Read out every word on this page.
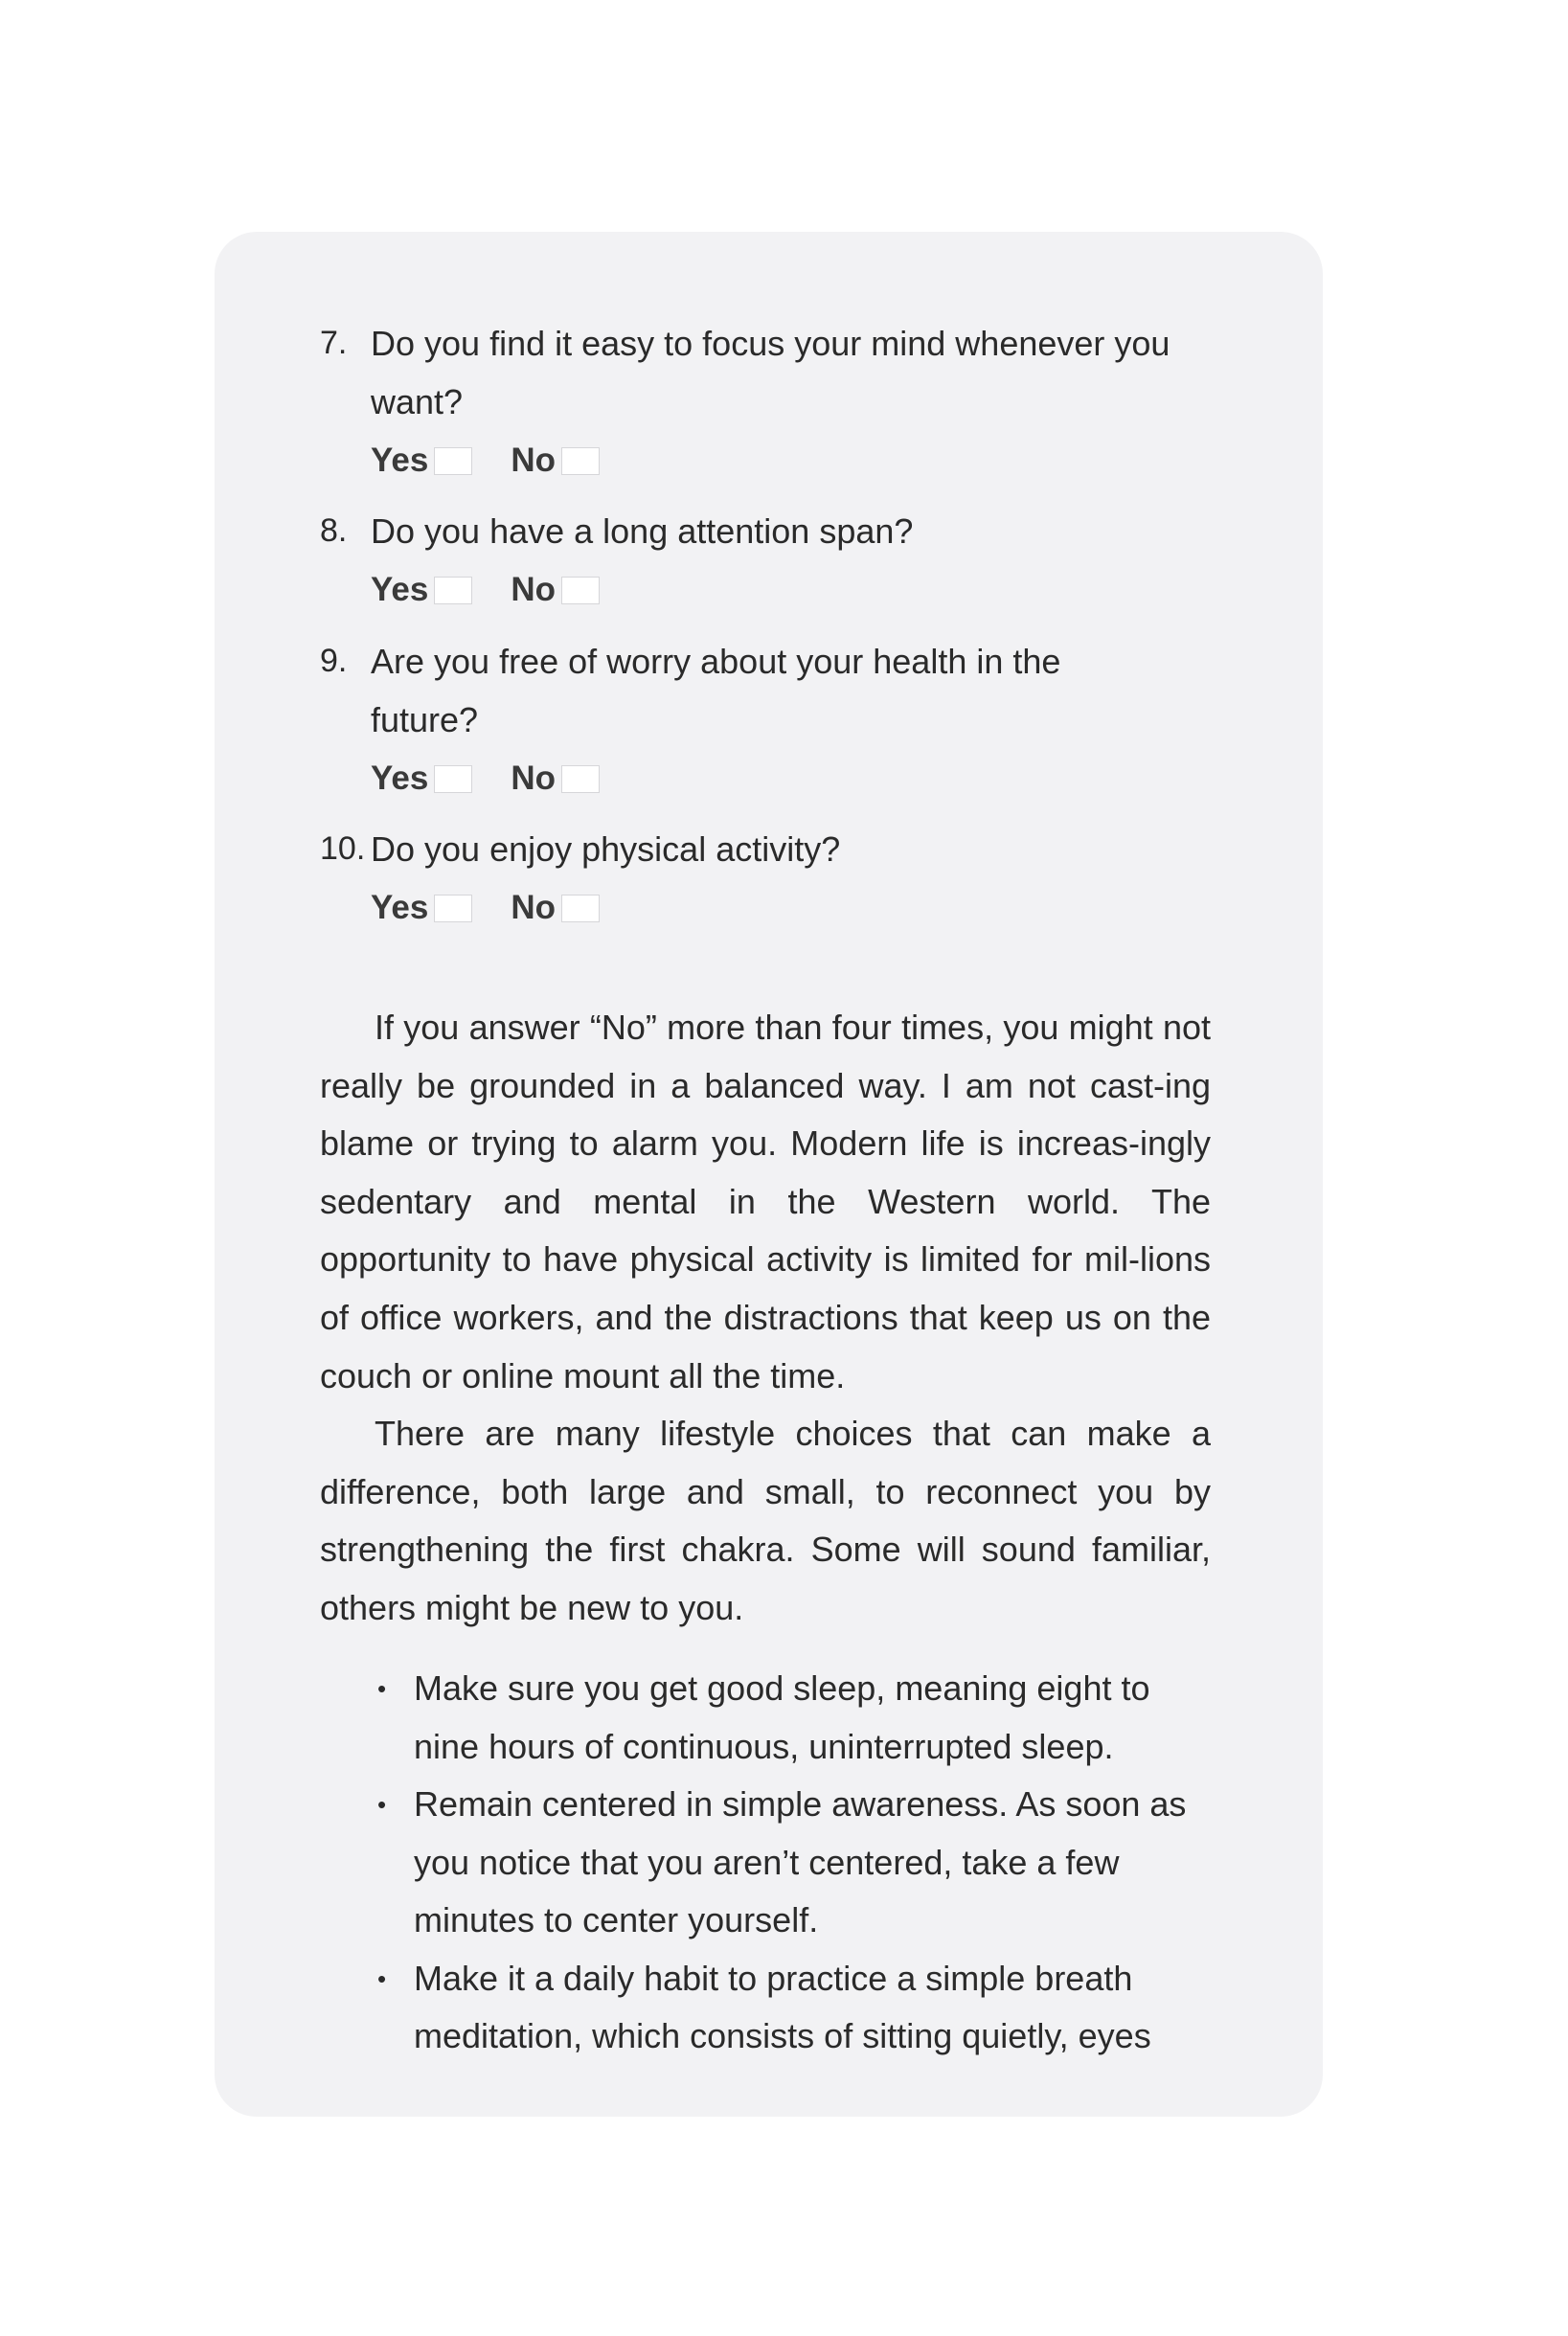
7. Do you find it easy to focus your mind whenever you want?
Yes No
8. Do you have a long attention span?
Yes No
9. Are you free of worry about your health in the future?
Yes No
10. Do you enjoy physical activity?
Yes No

If you answer “No” more than four times, you might not really be grounded in a balanced way. I am not cast-ing blame or trying to alarm you. Modern life is increas-ingly sedentary and mental in the Western world. The opportunity to have physical activity is limited for mil-lions of office workers, and the distractions that keep us on the couch or online mount all the time.

There are many lifestyle choices that can make a difference, both large and small, to reconnect you by strengthening the first chakra. Some will sound familiar, others might be new to you.

• Make sure you get good sleep, meaning eight to nine hours of continuous, uninterrupted sleep.
• Remain centered in simple awareness. As soon as you notice that you aren’t centered, take a few minutes to center yourself.
• Make it a daily habit to practice a simple breath meditation, which consists of sitting quietly, eyes
